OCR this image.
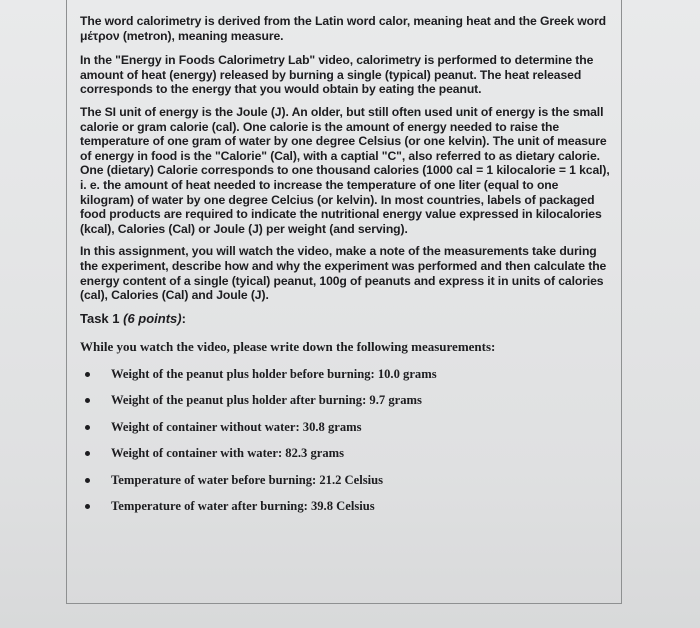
The word calorimetry is derived from the Latin word calor, meaning heat and the Greek word μέτρον (metron), meaning measure.

In the "Energy in Foods Calorimetry Lab" video, calorimetry is performed to determine the amount of heat (energy) released by burning a single (typical) peanut. The heat released corresponds to the energy that you would obtain by eating the peanut.

The SI unit of energy is the Joule (J). An older, but still often used unit of energy is the small calorie or gram calorie (cal). One calorie is the amount of energy needed to raise the temperature of one gram of water by one degree Celsius (or one kelvin). The unit of measure of energy in food is the "Calorie" (Cal), with a captial "C", also referred to as dietary calorie. One (dietary) Calorie corresponds to one thousand calories (1000 cal = 1 kilocalorie = 1 kcal), i. e. the amount of heat needed to increase the temperature of one liter (equal to one kilogram) of water by one degree Celcius (or kelvin). In most countries, labels of packaged food products are required to indicate the nutritional energy value expressed in kilocalories (kcal), Calories (Cal) or Joule (J) per weight (and serving).

In this assignment, you will watch the video, make a note of the measurements take during the experiment, describe how and why the experiment was performed and then calculate the energy content of a single (tyical) peanut, 100g of peanuts and express it in units of calories (cal), Calories (Cal) and Joule (J).

Task 1 (6 points):

While you watch the video, please write down the following measurements:

Weight of the peanut plus holder before burning: 10.0 grams
Weight of the peanut plus holder after burning: 9.7 grams
Weight of container without water: 30.8 grams
Weight of container with water: 82.3 grams
Temperature of water before burning: 21.2 Celsius
Temperature of water after burning: 39.8 Celsius
